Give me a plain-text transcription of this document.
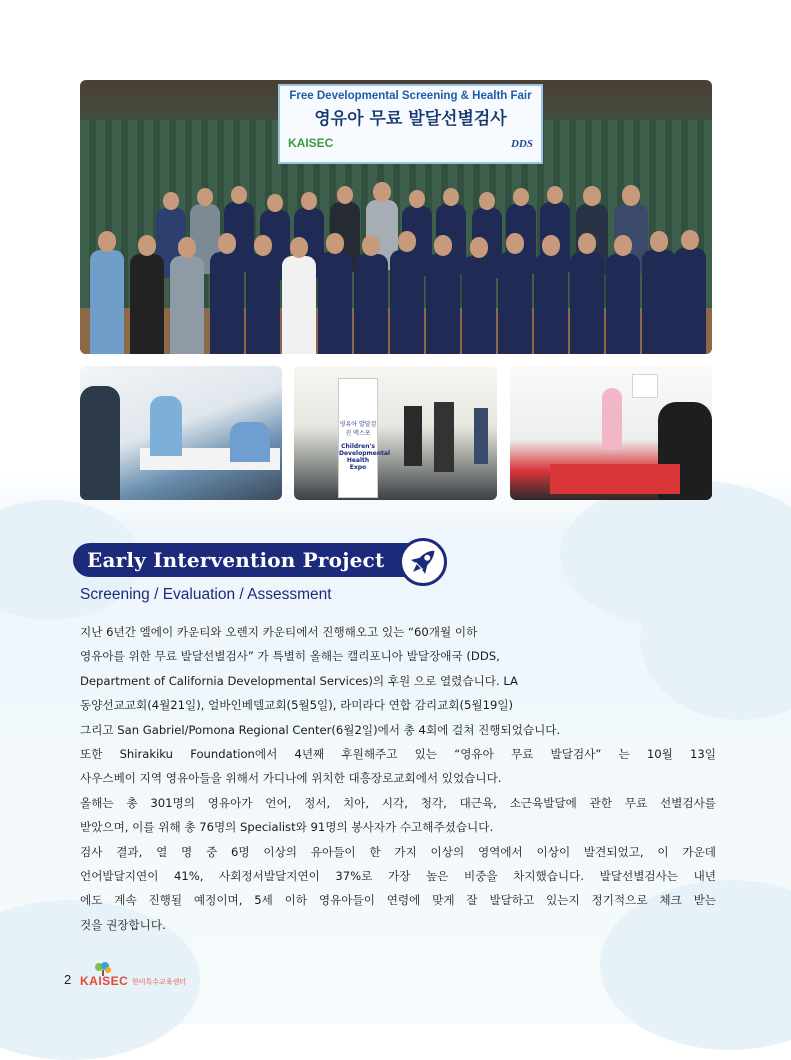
Free Developmental Screening & Health Fair
영유아 무료 발달선별검사
KAISEC	DDS
영유아 발달검진 엑스포
Children's Developmental Health Expo
Early Intervention Project
Screening / Evaluation / Assessment
지난 6년간 엘에이 카운티와 오렌지 카운티에서 진행해오고 있는 “60개월 이하
영유아를 위한 무료 발달선별검사” 가 특별히 올해는 캘리포니아 발달장애국 (DDS,
Department of California Developmental Services)의 후원 으로 열렸습니다. LA
동양선교교회(4월21일), 얼바인베델교회(5월5일), 라미라다 연합 감리교회(5월19일)
그리고 San Gabriel/Pomona Regional Center(6월2일)에서 총 4회에 걸쳐 진행되었습니다.
또한 Shirakiku Foundation에서 4년째 후원해주고 있는 “영유아 무료 발달검사” 는 10월 13일
사우스베이 지역 영유아들을 위해서 가디나에 위치한 대흥장로교회에서 있었습니다.
올해는 총 301명의 영유아가 언어, 정서, 치아, 시각, 청각, 대근육, 소근육발달에 관한 무료 선별검사를
받았으며, 이를 위해 총 76명의 Specialist와 91명의 봉사자가 수고해주셨습니다.
검사 결과, 열 명 중 6명 이상의 유아들이 한 가지 이상의 영역에서 이상이 발견되었고, 이 가운데
언어발달지연이 41%, 사회정서발달지연이 37%로 가장 높은 비중을 차지했습니다. 발달선별검사는 내년
에도 계속 진행될 예정이며, 5세 이하 영유아들이 연령에 맞게 잘 발달하고 있는지 정기적으로 체크 받는
것을 권장합니다.
2 KAISEC 한미특수교육센터
